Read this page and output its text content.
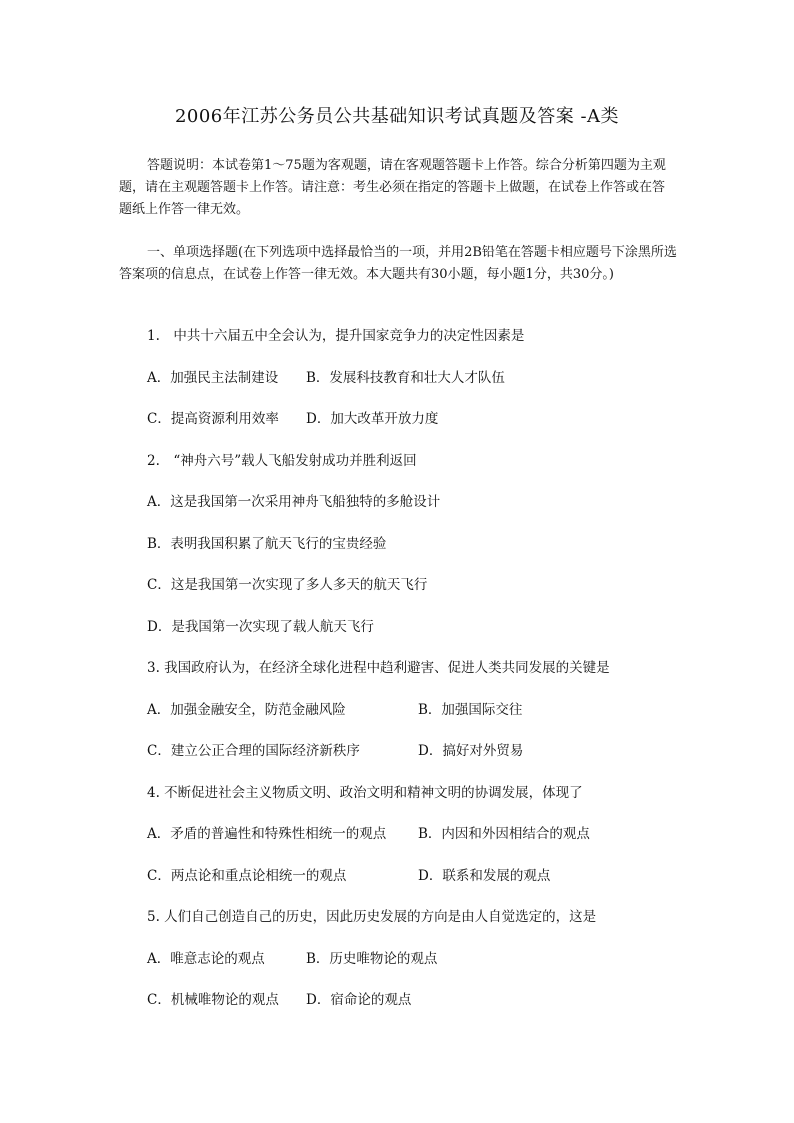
2006年江苏公务员公共基础知识考试真题及答案 -A类
答题说明：本试卷第1～75题为客观题，请在客观题答题卡上作答。综合分析第四题为主观题，请在主观题答题卡上作答。请注意：考生必须在指定的答题卡上做题，在试卷上作答或在答题纸上作答一律无效。
一、单项选择题(在下列选项中选择最恰当的一项，并用2B铅笔在答题卡相应题号下涂黑所选答案项的信息点，在试卷上作答一律无效。本大题共有30小题，每小题1分，共30分。)
1.　中共十六届五中全会认为，提升国家竞争力的决定性因素是
A．加强民主法制建设 B．发展科技教育和壮大人才队伍
C．提高资源利用效率 D．加大改革开放力度
2.　“神舟六号”载人飞船发射成功并胜利返回
A．这是我国第一次采用神舟飞船独特的多舱设计
B．表明我国积累了航天飞行的宝贵经验
C．这是我国第一次实现了多人多天的航天飞行
D．是我国第一次实现了载人航天飞行
3. 我国政府认为，在经济全球化进程中趋利避害、促进人类共同发展的关键是
A．加强金融安全，防范金融风险	B．加强国际交往
C．建立公正合理的国际经济新秩序	D．搞好对外贸易
4. 不断促进社会主义物质文明、政治文明和精神文明的协调发展，体现了
A．矛盾的普遍性和特殊性相统一的观点 B．内因和外因相结合的观点
C．两点论和重点论相统一的观点	D．联系和发展的观点
5. 人们自己创造自己的历史，因此历史发展的方向是由人自觉选定的，这是
A．唯意志论的观点	B．历史唯物论的观点
C．机械唯物论的观点 D．宿命论的观点
